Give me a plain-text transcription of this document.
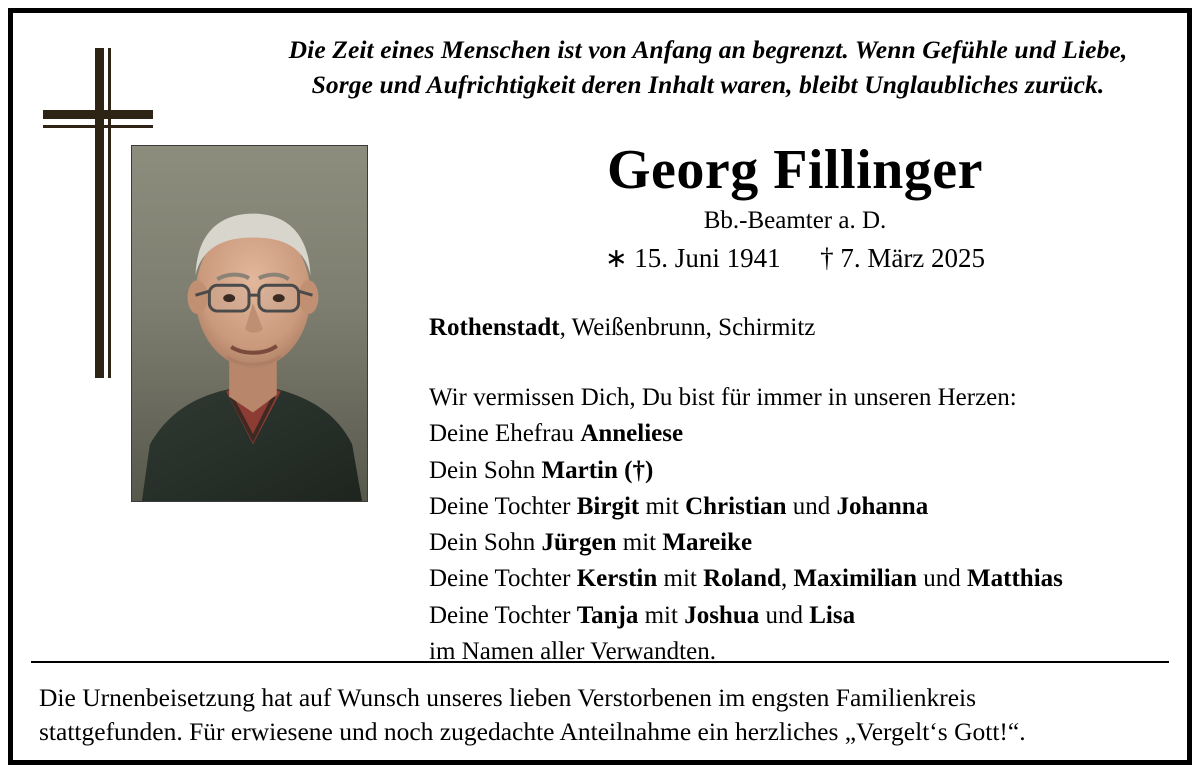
Die Zeit eines Menschen ist von Anfang an begrenzt. Wenn Gefühle und Liebe,
Sorge und Aufrichtigkeit deren Inhalt waren, bleibt Unglaubliches zurück.
Georg Fillinger
Bb.-Beamter a. D.
∗ 15. Juni 1941 † 7. März 2025
Rothenstadt, Weißenbrunn, Schirmitz
Wir vermissen Dich, Du bist für immer in unseren Herzen:
Deine Ehefrau Anneliese
Dein Sohn Martin (†)
Deine Tochter Birgit mit Christian und Johanna
Dein Sohn Jürgen mit Mareike
Deine Tochter Kerstin mit Roland, Maximilian und Matthias
Deine Tochter Tanja mit Joshua und Lisa
im Namen aller Verwandten.
Die Urnenbeisetzung hat auf Wunsch unseres lieben Verstorbenen im engsten Familienkreis
stattgefunden. Für erwiesene und noch zugedachte Anteilnahme ein herzliches „Vergelt‘s Gott!“.
